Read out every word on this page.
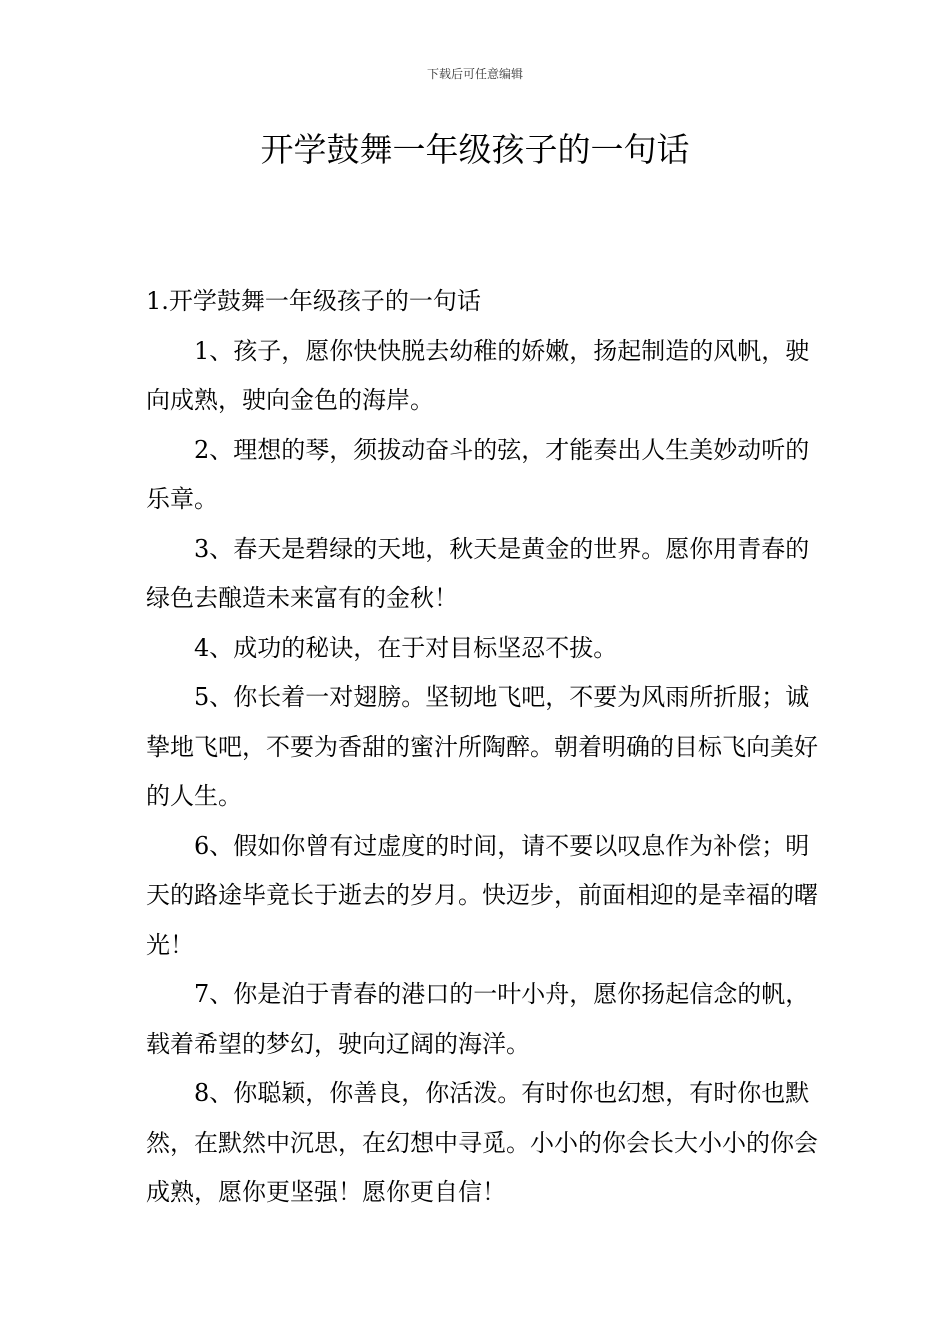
下载后可任意编辑
开学鼓舞一年级孩子的一句话

1.开学鼓舞一年级孩子的一句话

1、孩子，愿你快快脱去幼稚的娇嫩，扬起制造的风帆，驶向成熟，驶向金色的海岸。

2、理想的琴，须拔动奋斗的弦，才能奏出人生美妙动听的乐章。

3、春天是碧绿的天地，秋天是黄金的世界。愿你用青春的绿色去酿造未来富有的金秋！

4、成功的秘诀，在于对目标坚忍不拔。

5、你长着一对翅膀。坚韧地飞吧，不要为风雨所折服；诚挚地飞吧，不要为香甜的蜜汁所陶醉。朝着明确的目标飞向美好的人生。

6、假如你曾有过虚度的时间，请不要以叹息作为补偿；明天的路途毕竟长于逝去的岁月。快迈步，前面相迎的是幸福的曙光！

7、你是泊于青春的港口的一叶小舟，愿你扬起信念的帆，载着希望的梦幻，驶向辽阔的海洋。

8、你聪颖，你善良，你活泼。有时你也幻想，有时你也默然，在默然中沉思，在幻想中寻觅。小小的你会长大小小的你会成熟，愿你更坚强！愿你更自信！
